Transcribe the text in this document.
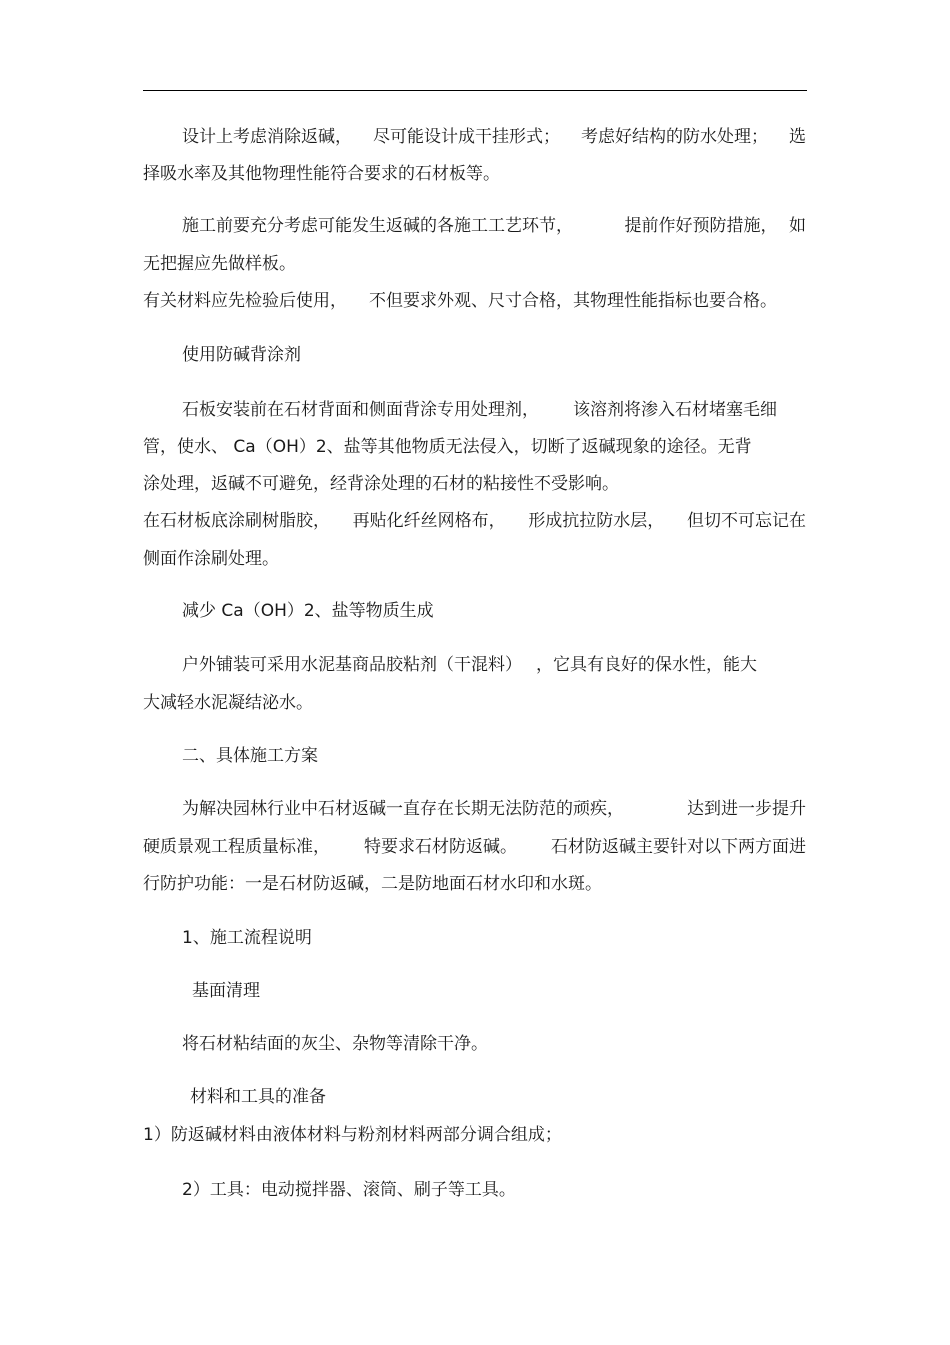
设计上考虑消除返碱， 尽可能设计成干挂形式； 考虑好结构的防水处理； 选

择吸水率及其他物理性能符合要求的石材板等。

施工前要充分考虑可能发生返碱的各施工工艺环节，	提前作好预防措施， 如

无把握应先做样板。

有关材料应先检验后使用， 不但要求外观、尺寸合格，其物理性能指标也要合格。

使用防碱背涂剂

石板安装前在石材背面和侧面背涂专用处理剂， 该溶剂将渗入石材堵塞毛细

管，使水、 Ca（OH）2、盐等其他物质无法侵入，切断了返碱现象的途径。无背

涂处理，返碱不可避免，经背涂处理的石材的粘接性不受影响。

在石材板底涂刷树脂胶， 再贴化纤丝网格布， 形成抗拉防水层， 但切不可忘记在

侧面作涂刷处理。

减少 Ca（OH）2、盐等物质生成

户外铺装可采用水泥基商品胶粘剂（干混料） ，它具有良好的保水性，能大

大减轻水泥凝结泌水。

二、具体施工方案

为解决园林行业中石材返碱一直存在长期无法防范的顽疾，	达到进一步提升
硬质景观工程质量标准， 特要求石材防返碱。 石材防返碱主要针对以下两方面进

行防护功能：一是石材防返碱，二是防地面石材水印和水斑。

1、施工流程说明

基面清理

将石材粘结面的灰尘、杂物等清除干净。

材料和工具的准备

1）防返碱材料由液体材料与粉剂材料两部分调合组成；

2）工具：电动搅拌器、滚筒、刷子等工具。
